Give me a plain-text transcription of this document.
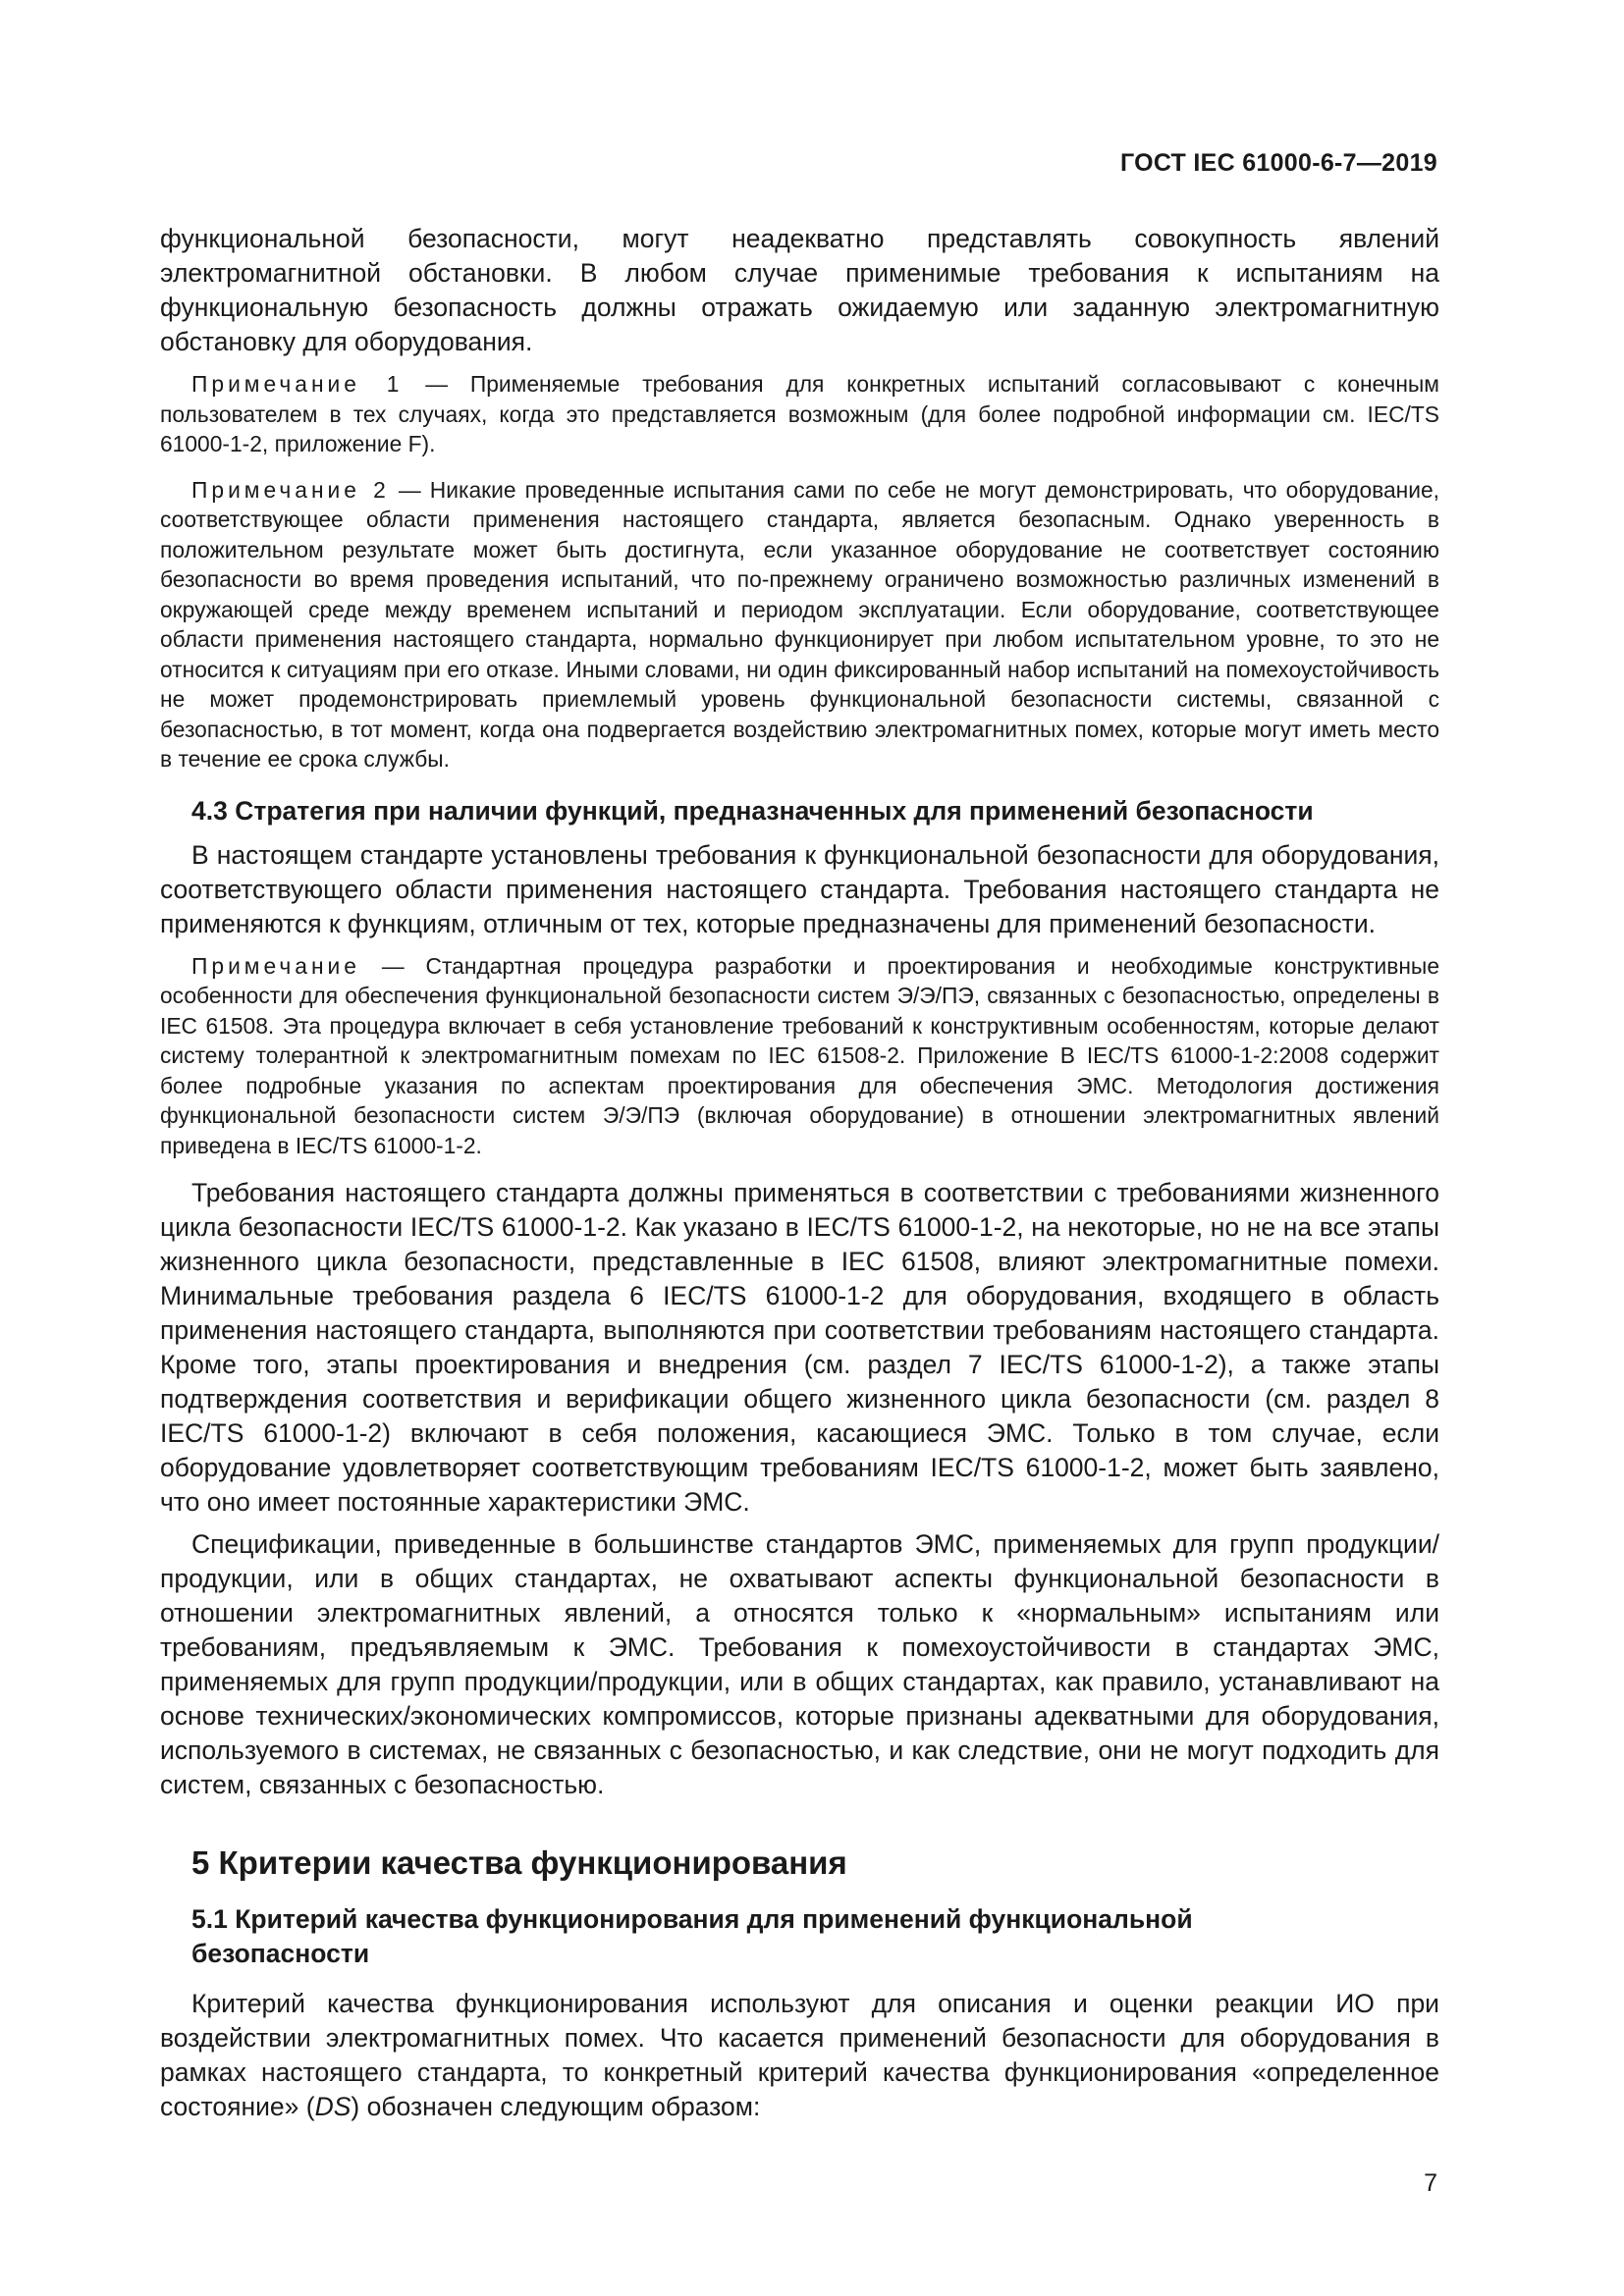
ГОСТ IEC 61000-6-7—2019

функциональной безопасности, могут неадекватно представлять совокупность явлений электромагнитной обстановки. В любом случае применимые требования к испытаниям на функциональную безопасность должны отражать ожидаемую или заданную электромагнитную обстановку для оборудования.

Примечание 1 — Применяемые требования для конкретных испытаний согласовывают с конечным пользователем в тех случаях, когда это представляется возможным (для более подробной информации см. IEC/TS 61000-1-2, приложение F).

Примечание 2 — Никакие проведенные испытания сами по себе не могут демонстрировать, что оборудование, соответствующее области применения настоящего стандарта, является безопасным. Однако уверенность в положительном результате может быть достигнута, если указанное оборудование не соответствует состоянию безопасности во время проведения испытаний, что по-прежнему ограничено возможностью различных изменений в окружающей среде между временем испытаний и периодом эксплуатации. Если оборудование, соответствующее области применения настоящего стандарта, нормально функционирует при любом испытательном уровне, то это не относится к ситуациям при его отказе. Иными словами, ни один фиксированный набор испытаний на помехоустойчивость не может продемонстрировать приемлемый уровень функциональной безопасности системы, связанной с безопасностью, в тот момент, когда она подвергается воздействию электромагнитных помех, которые могут иметь место в течение ее срока службы.

4.3 Стратегия при наличии функций, предназначенных для применений безопасности

В настоящем стандарте установлены требования к функциональной безопасности для оборудования, соответствующего области применения настоящего стандарта. Требования настоящего стандарта не применяются к функциям, отличным от тех, которые предназначены для применений безопасности.

Примечание — Стандартная процедура разработки и проектирования и необходимые конструктивные особенности для обеспечения функциональной безопасности систем Э/Э/ПЭ, связанных с безопасностью, определены в IEC 61508. Эта процедура включает в себя установление требований к конструктивным особенностям, которые делают систему толерантной к электромагнитным помехам по IEC 61508-2. Приложение В IEC/TS 61000-1-2:2008 содержит более подробные указания по аспектам проектирования для обеспечения ЭМС. Методология достижения функциональной безопасности систем Э/Э/ПЭ (включая оборудование) в отношении электромагнитных явлений приведена в IEC/TS 61000-1-2.

Требования настоящего стандарта должны применяться в соответствии с требованиями жизненного цикла безопасности IEC/TS 61000-1-2. Как указано в IEC/TS 61000-1-2, на некоторые, но не на все этапы жизненного цикла безопасности, представленные в IEC 61508, влияют электромагнитные помехи. Минимальные требования раздела 6 IEC/TS 61000-1-2 для оборудования, входящего в область применения настоящего стандарта, выполняются при соответствии требованиям настоящего стандарта. Кроме того, этапы проектирования и внедрения (см. раздел 7 IEC/TS 61000-1-2), а также этапы подтверждения соответствия и верификации общего жизненного цикла безопасности (см. раздел 8 IEC/TS 61000-1-2) включают в себя положения, касающиеся ЭМС. Только в том случае, если оборудование удовлетворяет соответствующим требованиям IEC/TS 61000-1-2, может быть заявлено, что оно имеет постоянные характеристики ЭМС.

Спецификации, приведенные в большинстве стандартов ЭМС, применяемых для групп продукции/продукции, или в общих стандартах, не охватывают аспекты функциональной безопасности в отношении электромагнитных явлений, а относятся только к «нормальным» испытаниям или требованиям, предъявляемым к ЭМС. Требования к помехоустойчивости в стандартах ЭМС, применяемых для групп продукции/продукции, или в общих стандартах, как правило, устанавливают на основе технических/экономических компромиссов, которые признаны адекватными для оборудования, используемого в системах, не связанных с безопасностью, и как следствие, они не могут подходить для систем, связанных с безопасностью.

5 Критерии качества функционирования

5.1 Критерий качества функционирования для применений функциональной
безопасности

Критерий качества функционирования используют для описания и оценки реакции ИО при воздействии электромагнитных помех. Что касается применений безопасности для оборудования в рамках настоящего стандарта, то конкретный критерий качества функционирования «определенное состояние» (DS) обозначен следующим образом:

7
